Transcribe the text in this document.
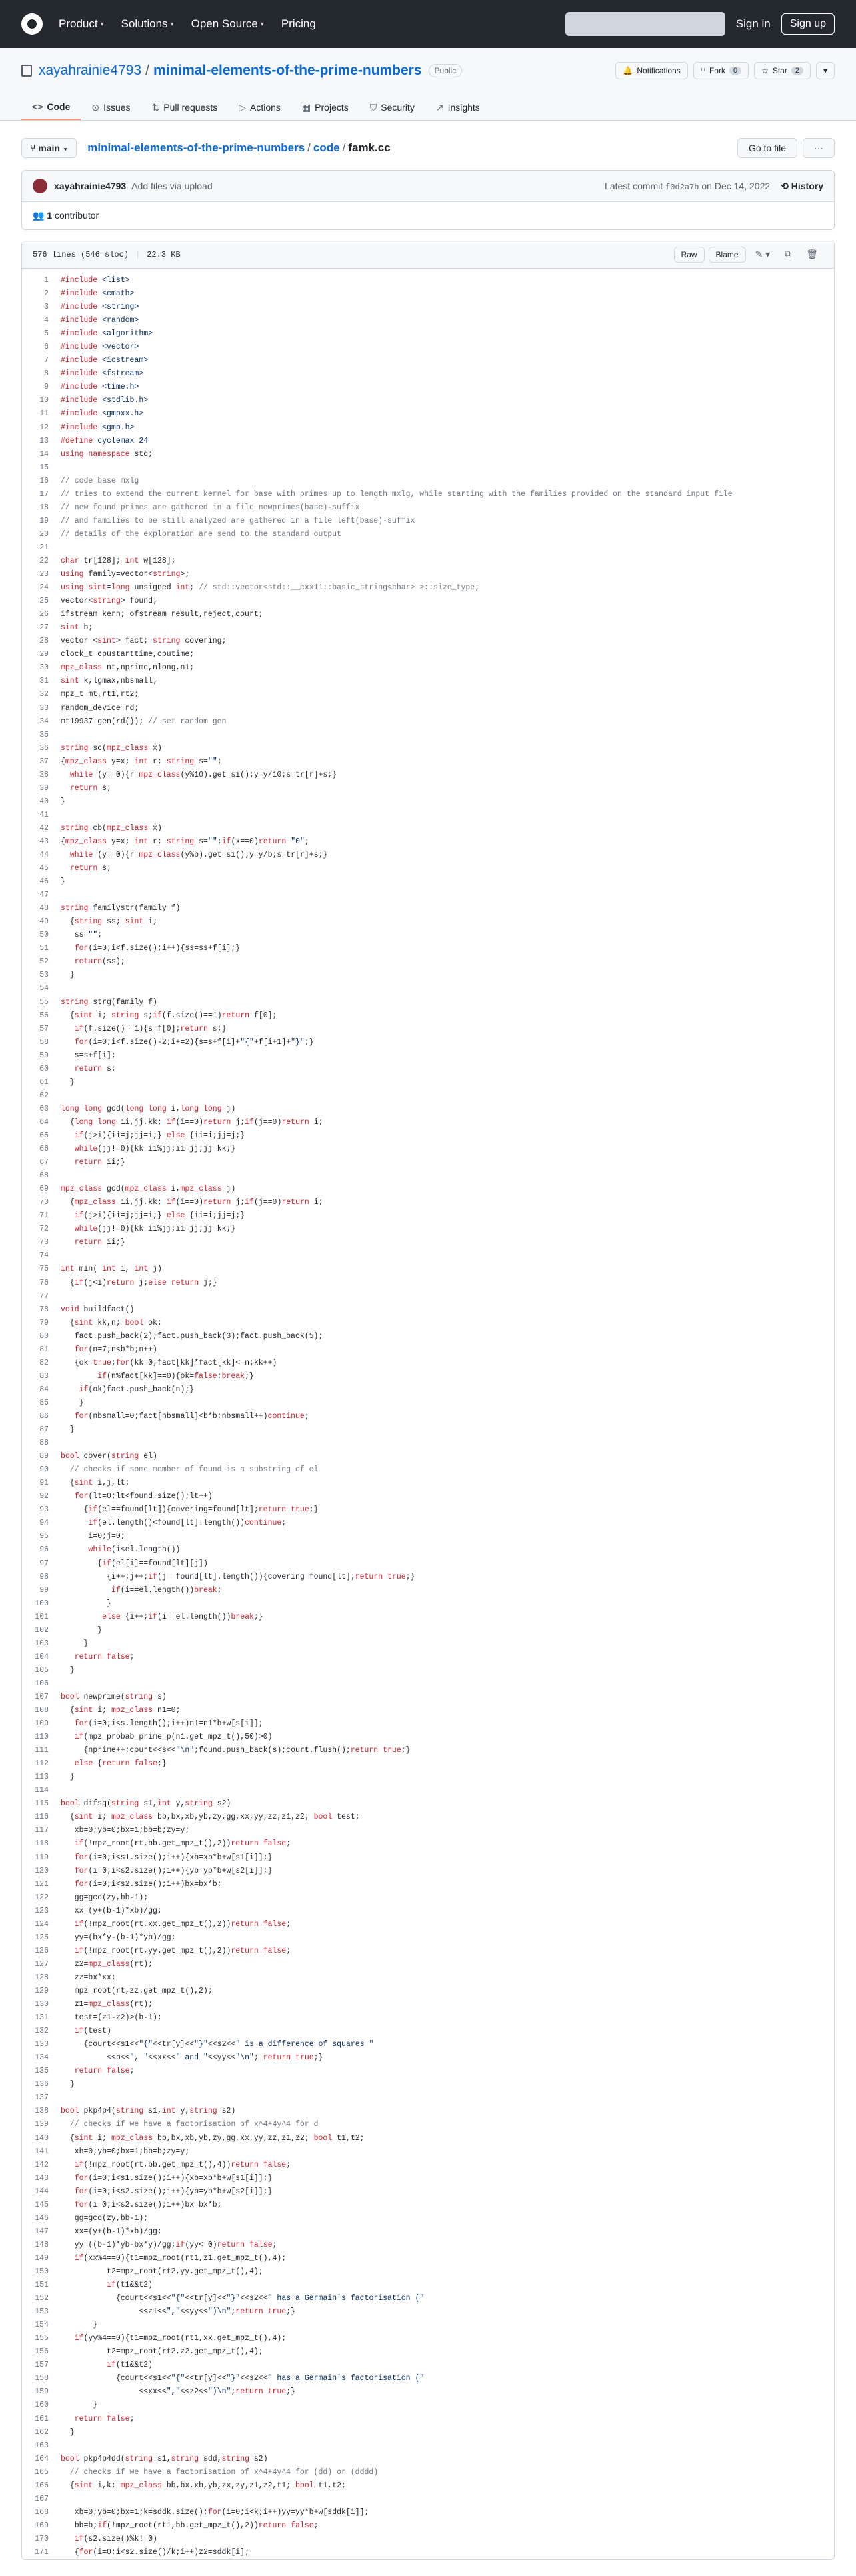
Product ▾ Solutions ▾ Open Source ▾ Pricing	Sign in	Sign up
xayahrainie4793 / minimal-elements-of-the-prime-numbers	Public	🔔 Notifications	⑂ Fork	0	☆ Star	2	▾
<> Code ⊙ Issues ⇅ Pull requests ▷ Actions ▦ Projects ⛉ Security ↗ Insights
⑂ main ▾	minimal-elements-of-the-prime-numbers / code / famk.cc	Go to file	···
xayahrainie4793 Add files via upload	Latest commit f0d2a7b on Dec 14, 2022 ⟲ History
👥 1 contributor
576 lines (546 sloc) | 22.3 KB	Raw	Blame	✎ ▾	⧉	🗑
1	#include <list>
2	#include <cmath>
3	#include <string>
4	#include <random>
5	#include <algorithm>
6	#include <vector>
7	#include <iostream>
8	#include <fstream>
9	#include <time.h>
10	#include <stdlib.h>
11	#include <gmpxx.h>
12	#include <gmp.h>
13	#define cyclemax 24
14	using namespace std;
15
16	// code base mxlg
17	// tries to extend the current kernel for base with primes up to length mxlg, while starting with the families provided on the standard input file
18	// new found primes are gathered in a file newprimes(base)-suffix
19	// and families to be still analyzed are gathered in a file left(base)-suffix
20	// details of the exploration are send to the standard output
21
22	char tr[128]; int w[128];
23	using family=vector<string>;
24	using sint=long unsigned int; // std::vector<std::__cxx11::basic_string<char> >::size_type;
25	vector<string> found;
26	ifstream kern; ofstream result,reject,court;
27	sint b;
28	vector <sint> fact; string covering;
29	clock_t cpustarttime,cputime;
30	mpz_class nt,nprime,nlong,n1;
31	sint k,lgmax,nbsmall;
32	mpz_t mt,rt1,rt2;
33	random_device rd;
34	mt19937 gen(rd()); // set random gen
35
36	string sc(mpz_class x)
37	{mpz_class y=x; int r; string s="";
38	while (y!=0){r=mpz_class(y%10).get_si();y=y/10;s=tr[r]+s;}
39	return s;
40	}
41
42	string cb(mpz_class x)
43	{mpz_class y=x; int r; string s="";if(x==0)return "0";
44	while (y!=0){r=mpz_class(y%b).get_si();y=y/b;s=tr[r]+s;}
45	return s;
46	}
47
48	string familystr(family f)
49	{string ss; sint i;
50	ss="";
51	for(i=0;i<f.size();i++){ss=ss+f[i];}
52	return(ss);
53	}
54
55	string strg(family f)
56	{sint i; string s;if(f.size()==1)return f[0];
57	if(f.size()==1){s=f[0];return s;}
58	for(i=0;i<f.size()-2;i+=2){s=s+f[i]+"{"+f[i+1]+"}";}
59	s=s+f[i];
60	return s;
61	}
62
63	long long gcd(long long i,long long j)
64	{long long ii,jj,kk; if(i==0)return j;if(j==0)return i;
65	if(j>i){ii=j;jj=i;} else {ii=i;jj=j;}
66	while(jj!=0){kk=ii%jj;ii=jj;jj=kk;}
67	return ii;}
68
69	mpz_class gcd(mpz_class i,mpz_class j)
70	{mpz_class ii,jj,kk; if(i==0)return j;if(j==0)return i;
71	if(j>i){ii=j;jj=i;} else {ii=i;jj=j;}
72	while(jj!=0){kk=ii%jj;ii=jj;jj=kk;}
73	return ii;}
74
75	int min( int i, int j)
76	{if(j<i)return j;else return j;}
77
78	void buildfact()
79	{sint kk,n; bool ok;
80	fact.push_back(2);fact.push_back(3);fact.push_back(5);
81	for(n=7;n<b*b;n++)
82	{ok=true;for(kk=0;fact[kk]*fact[kk]<=n;kk++)
83	if(n%fact[kk]==0){ok=false;break;}
84	if(ok)fact.push_back(n);}
85	}
86	for(nbsmall=0;fact[nbsmall]<b*b;nbsmall++)continue;
87	}
88
89	bool cover(string el)
90	// checks if some member of found is a substring of el
91	{sint i,j,lt;
92	for(lt=0;lt<found.size();lt++)
93	{if(el==found[lt]){covering=found[lt];return true;}
94	if(el.length()<found[lt].length())continue;
95	i=0;j=0;
96	while(i<el.length())
97	{if(el[i]==found[lt][j])
98	{i++;j++;if(j==found[lt].length()){covering=found[lt];return true;}
99	if(i==el.length())break;
100	}
101	else {i++;if(i==el.length())break;}
102	}
103	}
104	return false;
105	}
106
107	bool newprime(string s)
108	{sint i; mpz_class n1=0;
109	for(i=0;i<s.length();i++)n1=n1*b+w[s[i]];
110	if(mpz_probab_prime_p(n1.get_mpz_t(),50)>0)
111	{nprime++;court<<s<<"\n";found.push_back(s);court.flush();return true;}
112	else {return false;}
113	}
114
115	bool difsq(string s1,int y,string s2)
116	{sint i; mpz_class bb,bx,xb,yb,zy,gg,xx,yy,zz,z1,z2; bool test;
117	xb=0;yb=0;bx=1;bb=b;zy=y;
118	if(!mpz_root(rt,bb.get_mpz_t(),2))return false;
119	for(i=0;i<s1.size();i++){xb=xb*b+w[s1[i]];}
120	for(i=0;i<s2.size();i++){yb=yb*b+w[s2[i]];}
121	for(i=0;i<s2.size();i++)bx=bx*b;
122	gg=gcd(zy,bb-1);
123	xx=(y+(b-1)*xb)/gg;
124	if(!mpz_root(rt,xx.get_mpz_t(),2))return false;
125	yy=(bx*y-(b-1)*yb)/gg;
126	if(!mpz_root(rt,yy.get_mpz_t(),2))return false;
127	z2=mpz_class(rt);
128	zz=bx*xx;
129	mpz_root(rt,zz.get_mpz_t(),2);
130	z1=mpz_class(rt);
131	test=(z1-z2)>(b-1);
132	if(test)
133	{court<<s1<<"{"<<tr[y]<<"}"<<s2<<" is a difference of squares "
134	<<b<<", "<<xx<<" and "<<yy<<"\n"; return true;}
135	return false;
136	}
137
138	bool pkp4p4(string s1,int y,string s2)
139	// checks if we have a factorisation of x^4+4y^4 for d
140	{sint i; mpz_class bb,bx,xb,yb,zy,gg,xx,yy,zz,z1,z2; bool t1,t2;
141	xb=0;yb=0;bx=1;bb=b;zy=y;
142	if(!mpz_root(rt,bb.get_mpz_t(),4))return false;
143	for(i=0;i<s1.size();i++){xb=xb*b+w[s1[i]];}
144	for(i=0;i<s2.size();i++){yb=yb*b+w[s2[i]];}
145	for(i=0;i<s2.size();i++)bx=bx*b;
146	gg=gcd(zy,bb-1);
147	xx=(y+(b-1)*xb)/gg;
148	yy=((b-1)*yb-bx*y)/gg;if(yy<=0)return false;
149	if(xx%4==0){t1=mpz_root(rt1,z1.get_mpz_t(),4);
150	t2=mpz_root(rt2,yy.get_mpz_t(),4);
151	if(t1&&t2)
152	{court<<s1<<"{"<<tr[y]<<"}"<<s2<<" has a Germain's factorisation ("
153	<<z1<<","<<yy<<")\n";return true;}
154	}
155	if(yy%4==0){t1=mpz_root(rt1,xx.get_mpz_t(),4);
156	t2=mpz_root(rt2,z2.get_mpz_t(),4);
157	if(t1&&t2)
158	{court<<s1<<"{"<<tr[y]<<"}"<<s2<<" has a Germain's factorisation ("
159	<<xx<<","<<z2<<")\n";return true;}
160	}
161	return false;
162	}
163
164	bool pkp4p4dd(string s1,string sdd,string s2)
165	// checks if we have a factorisation of x^4+4y^4 for (dd) or (dddd)
166	{sint i,k; mpz_class bb,bx,xb,yb,zx,zy,z1,z2,t1; bool t1,t2;
167
168	xb=0;yb=0;bx=1;k=sddk.size();for(i=0;i<k;i++)yy=yy*b+w[sddk[i]];
169	bb=b;if(!mpz_root(rt1,bb.get_mpz_t(),2))return false;
170	if(s2.size()%k!=0)
171	{for(i=0;i<s2.size()/k;i++)z2=sddk[i];
